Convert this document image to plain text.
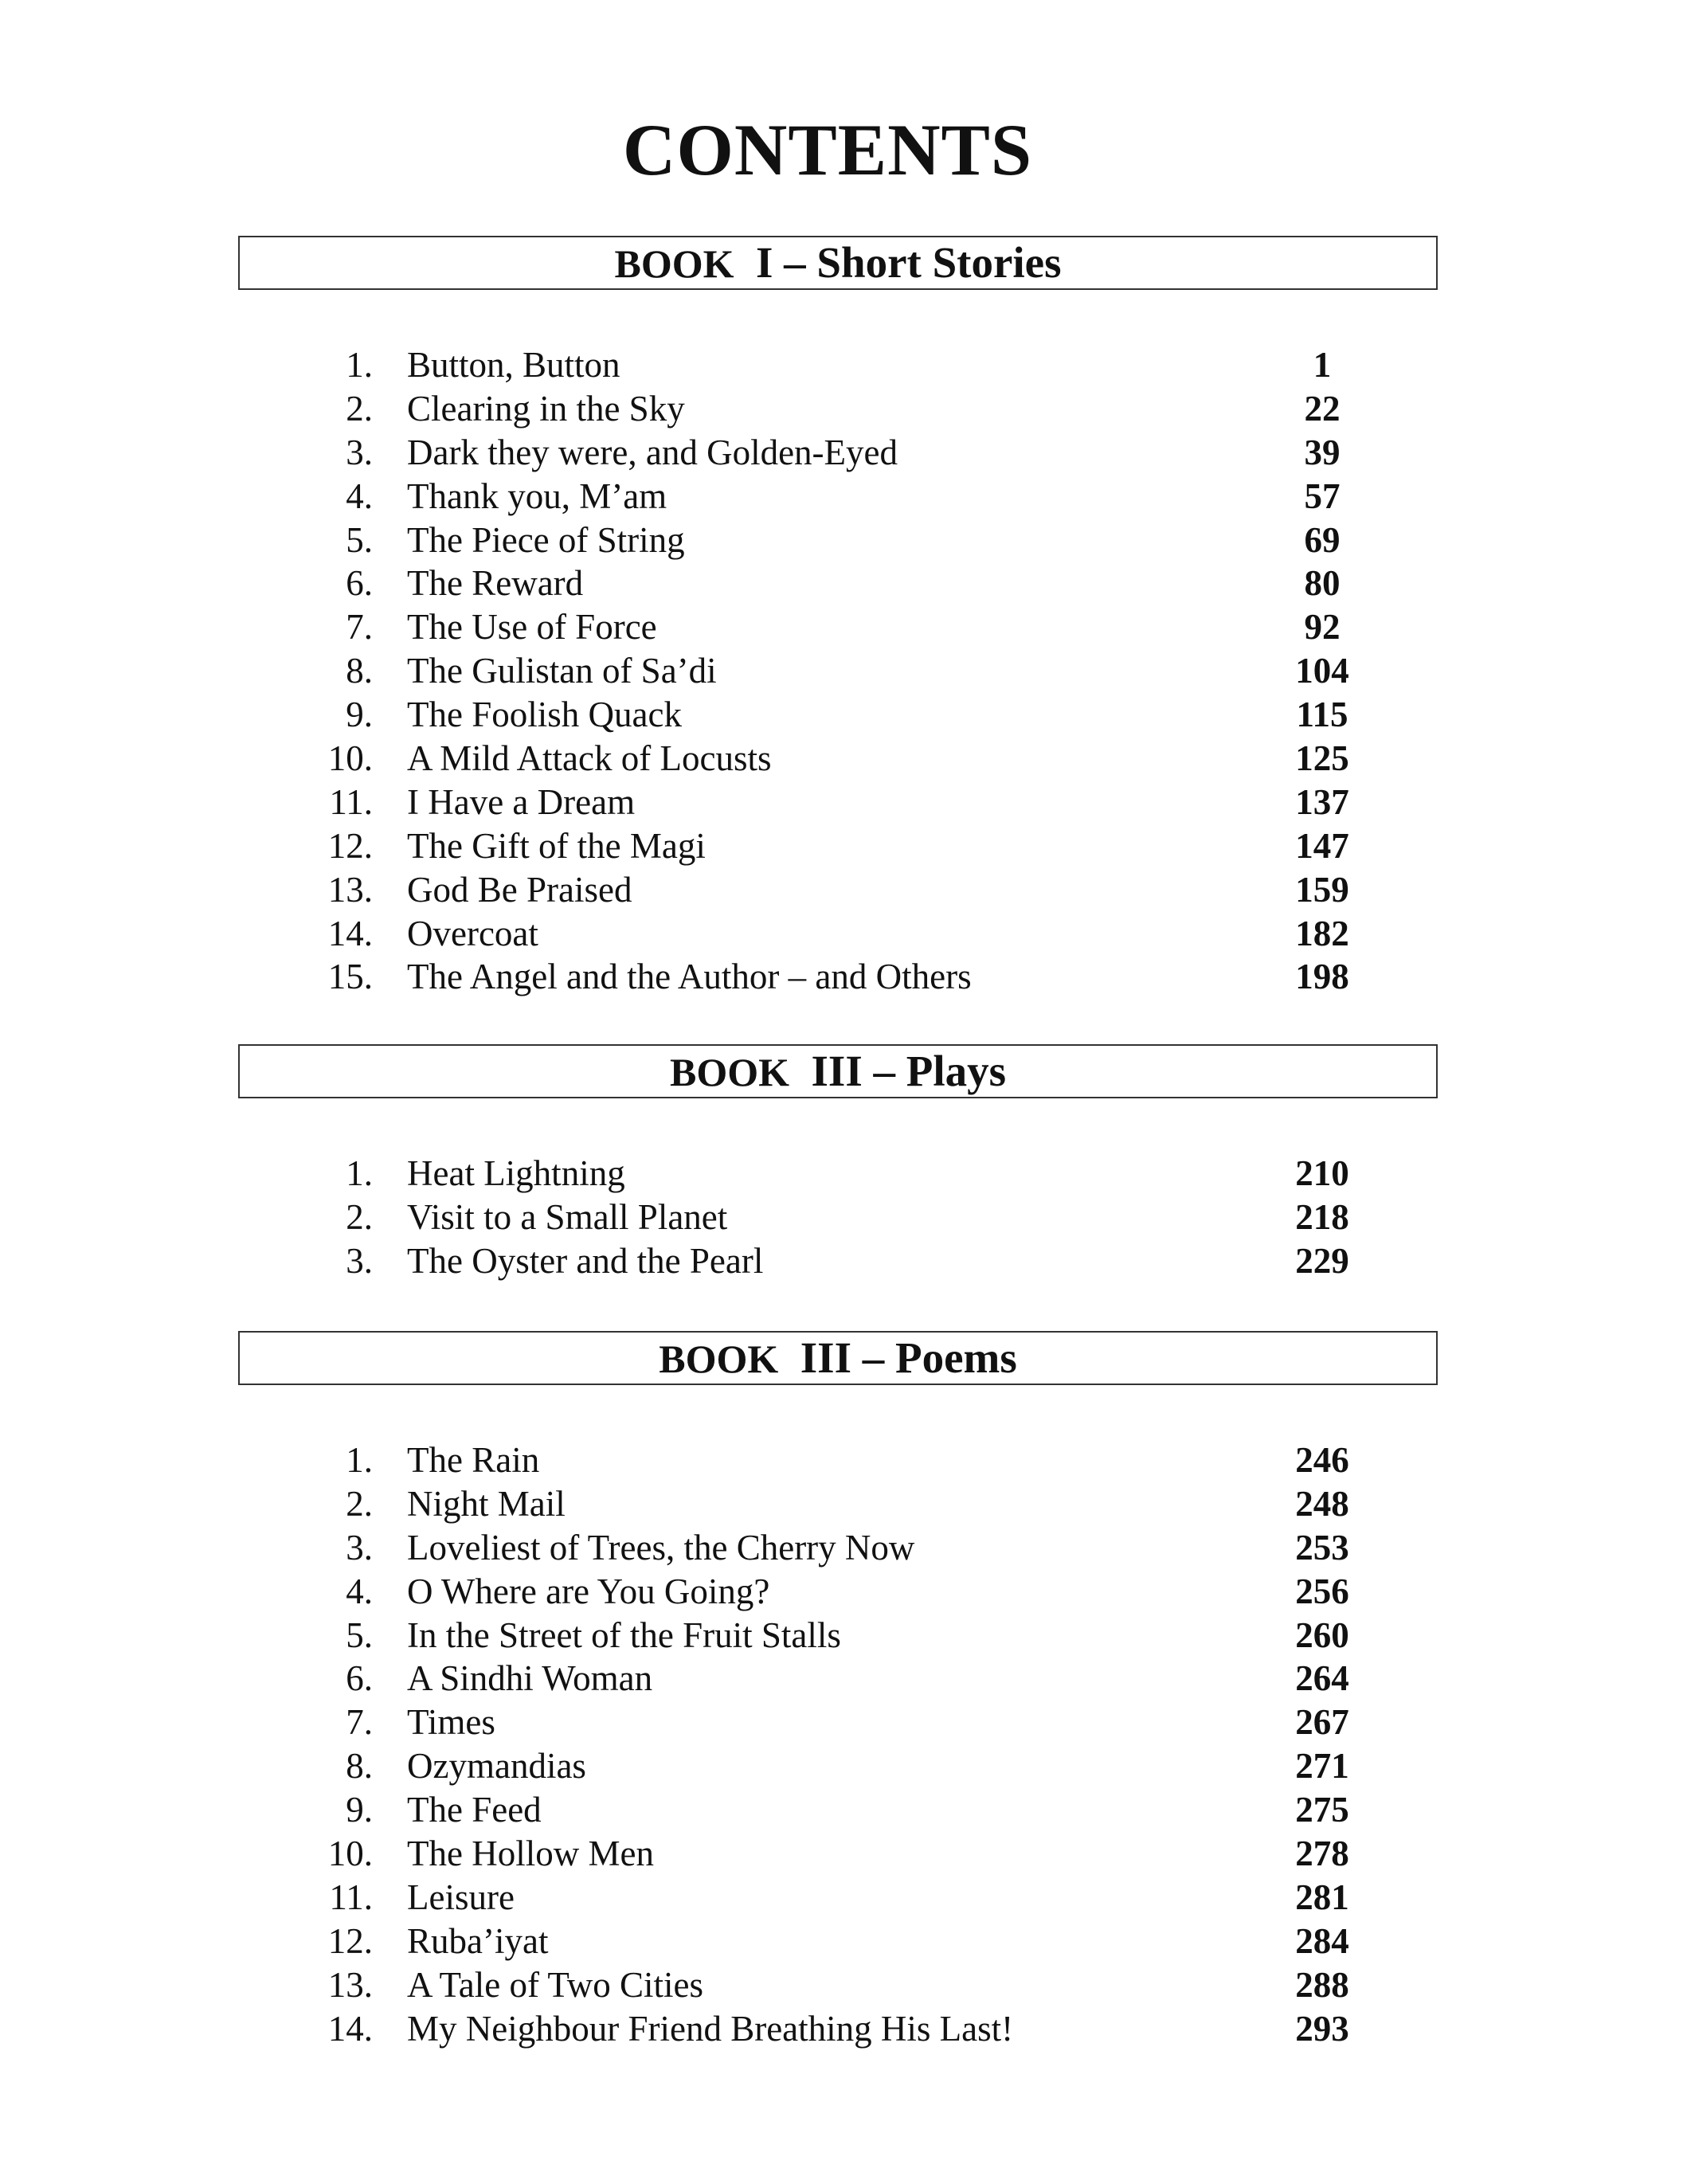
CONTENTS
BOOK I – Short Stories
1. Button, Button	1
2. Clearing in the Sky	22
3. Dark they were, and Golden-Eyed	39
4. Thank you, M’am	57
5. The Piece of String	69
6. The Reward	80
7. The Use of Force	92
8. The Gulistan of Sa’di	104
9. The Foolish Quack	115
10. A Mild Attack of Locusts	125
11. I Have a Dream	137
12. The Gift of the Magi	147
13. God Be Praised	159
14. Overcoat	182
15. The Angel and the Author – and Others	198
BOOK III – Plays
1. Heat Lightning	210
2. Visit to a Small Planet	218
3. The Oyster and the Pearl	229
BOOK III – Poems
1. The Rain	246
2. Night Mail	248
3. Loveliest of Trees, the Cherry Now	253
4. O Where are You Going?	256
5. In the Street of the Fruit Stalls	260
6. A Sindhi Woman	264
7. Times	267
8. Ozymandias	271
9. The Feed	275
10. The Hollow Men	278
11. Leisure	281
12. Ruba’iyat	284
13. A Tale of Two Cities	288
14. My Neighbour Friend Breathing His Last!	293
